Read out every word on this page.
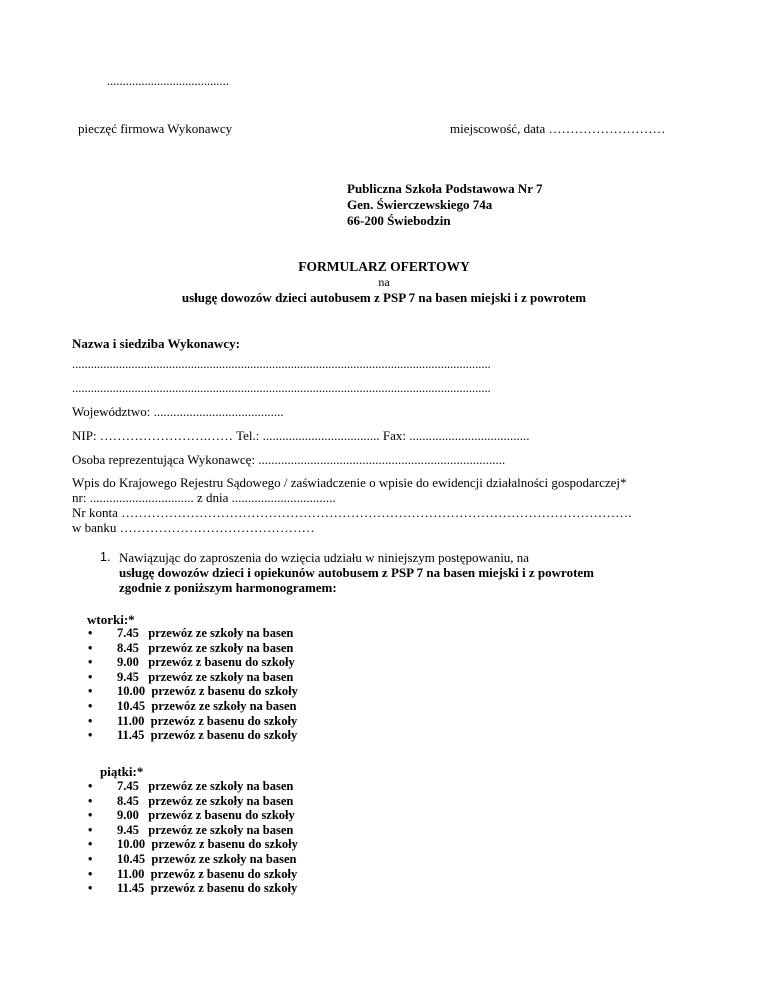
.......................................
pieczęć firmowa Wykonawcy	miejscowość, data ………………………
Publiczna Szkoła Podstawowa Nr 7
Gen. Świerczewskiego 74a
66-200 Świebodzin
FORMULARZ OFERTOWY
na
usługę dowozów dzieci autobusem z PSP 7 na basen miejski i z powrotem
Nazwa i siedziba Wykonawcy:
......................................................................................................................................
......................................................................................................................................
Województwo: ........................................
NIP: …………………….…… Tel.: .................................... Fax: .....................................
Osoba reprezentująca Wykonawcę: ............................................................................
Wpis do Krajowego Rejestru Sądowego / zaświadczenie o wpisie do ewidencji działalności gospodarczej*
nr: ................................ z dnia ................................
Nr konta ……………………………………………………………………………………………………….
w banku ………………………………………
1. Nawiązując do zaproszenia do wzięcia udziału w niniejszym postępowaniu, na
usługę dowozów dzieci i opiekunów autobusem z PSP 7 na basen miejski i z powrotem
zgodnie z poniższym harmonogramem:
wtorki:*
• 7.45   przewóz ze szkoły na basen
• 8.45   przewóz ze szkoły na basen
• 9.00   przewóz z basenu do szkoły
• 9.45   przewóz ze szkoły na basen
• 10.00  przewóz z basenu do szkoły
• 10.45  przewóz ze szkoły na basen
• 11.00  przewóz z basenu do szkoły
• 11.45  przewóz z basenu do szkoły
piątki:*
• 7.45   przewóz ze szkoły na basen
• 8.45   przewóz ze szkoły na basen
• 9.00   przewóz z basenu do szkoły
• 9.45   przewóz ze szkoły na basen
• 10.00  przewóz z basenu do szkoły
• 10.45  przewóz ze szkoły na basen
• 11.00  przewóz z basenu do szkoły
• 11.45  przewóz z basenu do szkoły
